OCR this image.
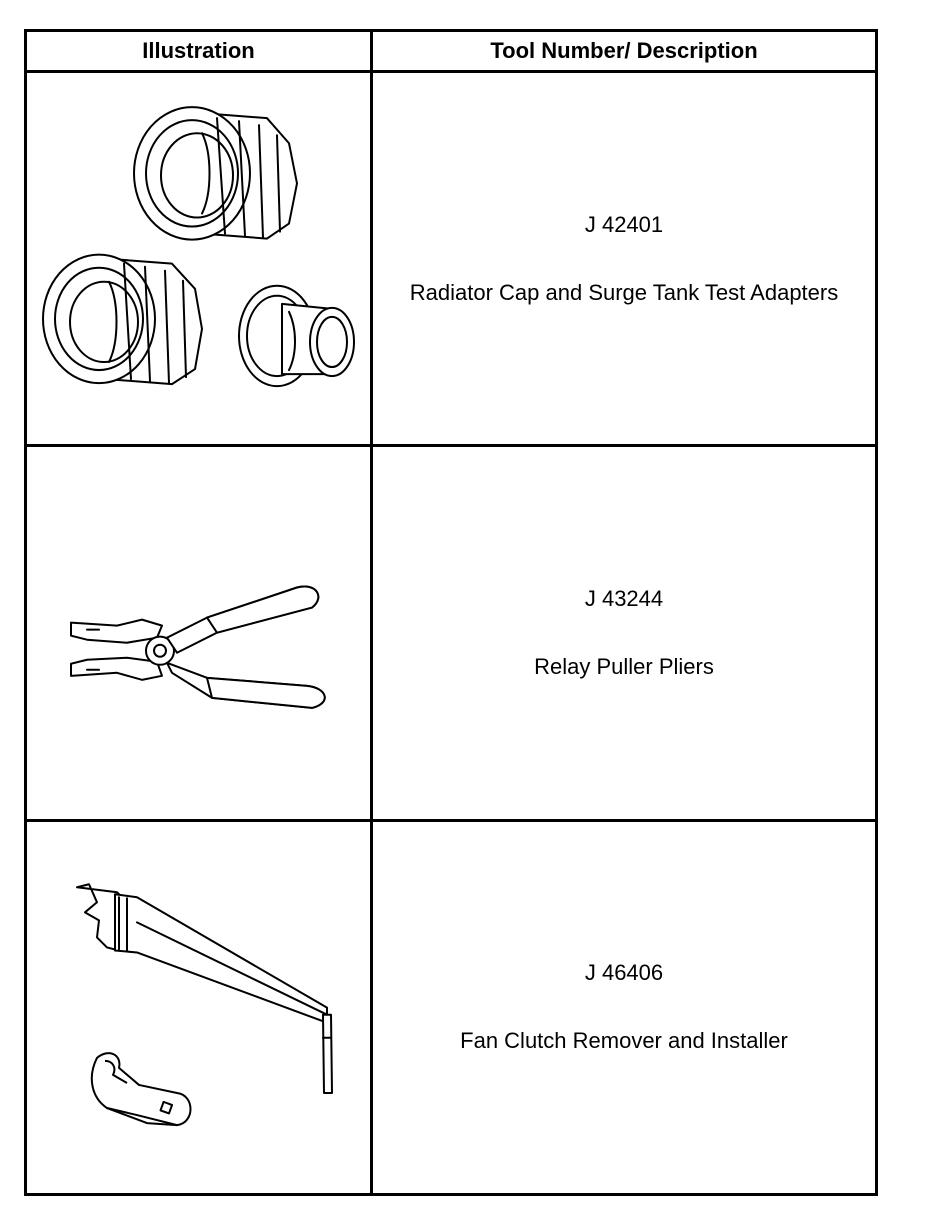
Illustration	Tool Number/ Description

J 42401
Radiator Cap and Surge Tank Test Adapters

J 43244
Relay Puller Pliers

J 46406
Fan Clutch Remover and Installer
